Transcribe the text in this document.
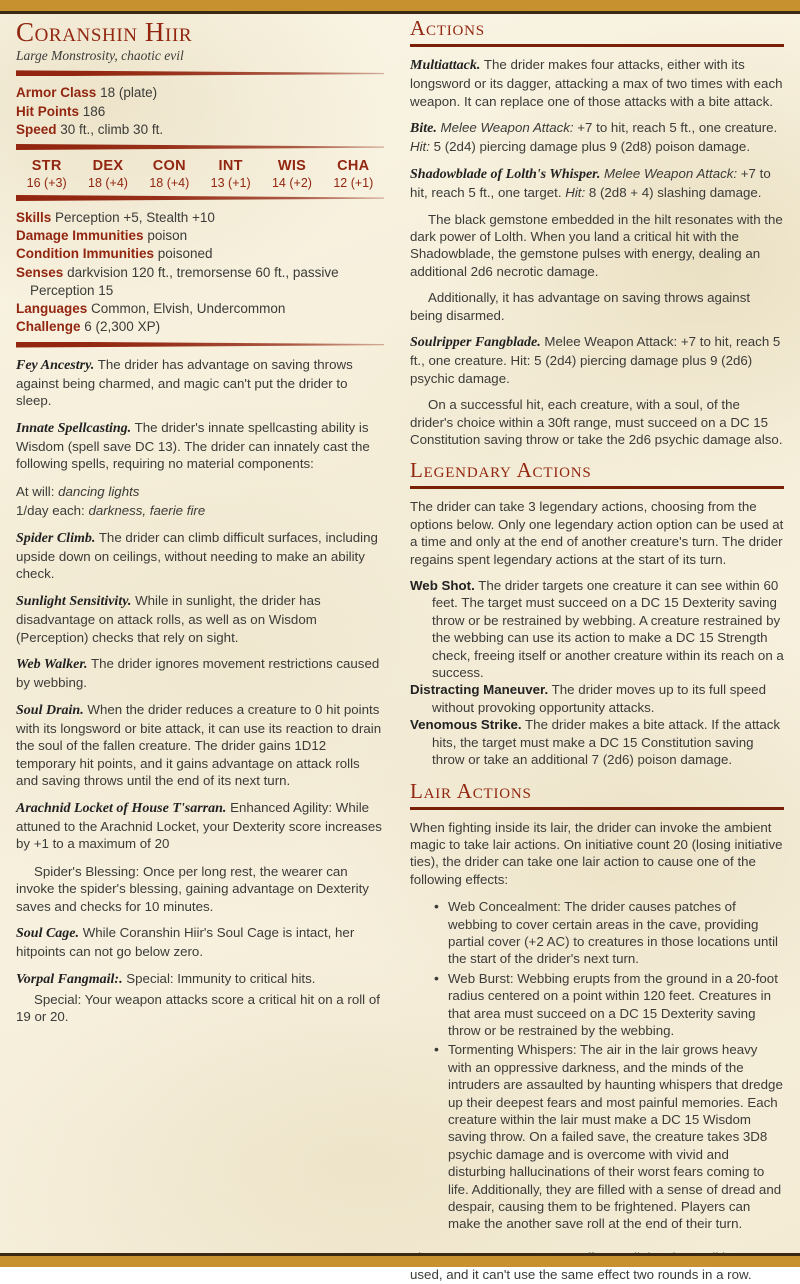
Coranshin Hiir
Large Monstrosity, chaotic evil

Armor Class 18 (plate)

Hit Points 186

Speed 30 ft., climb 30 ft.

STR
16 (+3)
DEX
18 (+4)
CON
18 (+4)
INT
13 (+1)
WIS
14 (+2)
CHA
12 (+1)

Skills Perception +5, Stealth +10

Damage Immunities poison

Condition Immunities poisoned

Senses darkvision 120 ft., tremorsense 60 ft., passive
Perception 15

Languages Common, Elvish, Undercommon

Challenge 6 (2,300 XP)

Fey Ancestry. The drider has advantage on saving throws against being charmed, and magic can't put the drider to sleep.

Innate Spellcasting. The drider's innate spellcasting ability is Wisdom (spell save DC 13). The drider can innately cast the following spells, requiring no material components:

At will: dancing lights

1/day each: darkness, faerie fire

Spider Climb. The drider can climb difficult surfaces, including upside down on ceilings, without needing to make an ability check.

Sunlight Sensitivity. While in sunlight, the drider has disadvantage on attack rolls, as well as on Wisdom (Perception) checks that rely on sight.

Web Walker. The drider ignores movement restrictions caused by webbing.

Soul Drain. When the drider reduces a creature to 0 hit points with its longsword or bite attack, it can use its reaction to drain the soul of the fallen creature. The drider gains 1D12 temporary hit points, and it gains advantage on attack rolls and saving throws until the end of its next turn.

Arachnid Locket of House T'sarran. Enhanced Agility: While attuned to the Arachnid Locket, your Dexterity score increases by +1 to a maximum of 20

Spider's Blessing: Once per long rest, the wearer can invoke the spider's blessing, gaining advantage on Dexterity saves and checks for 10 minutes.

Soul Cage. While Coranshin Hiir's Soul Cage is intact, her hitpoints can not go below zero.

Vorpal Fangmail:. Special: Immunity to critical hits.

Special: Your weapon attacks score a critical hit on a roll of 19 or 20.

Actions

Multiattack. The drider makes four attacks, either with its longsword or its dagger, attacking a max of two times with each weapon. It can replace one of those attacks with a bite attack.

Bite. Melee Weapon Attack: +7 to hit, reach 5 ft., one creature. Hit: 5 (2d4) piercing damage plus 9 (2d8) poison damage.

Shadowblade of Lolth's Whisper. Melee Weapon Attack: +7 to hit, reach 5 ft., one target. Hit: 8 (2d8 + 4) slashing damage.

The black gemstone embedded in the hilt resonates with the dark power of Lolth. When you land a critical hit with the Shadowblade, the gemstone pulses with energy, dealing an additional 2d6 necrotic damage.

Additionally, it has advantage on saving throws against being disarmed.

Soulripper Fangblade. Melee Weapon Attack: +7 to hit, reach 5 ft., one creature. Hit: 5 (2d4) piercing damage plus 9 (2d6) psychic damage.

On a successful hit, each creature, with a soul, of the drider's choice within a 30ft range, must succeed on a DC 15 Constitution saving throw or take the 2d6 psychic damage also.

Legendary Actions

The drider can take 3 legendary actions, choosing from the options below. Only one legendary action option can be used at a time and only at the end of another creature's turn. The drider regains spent legendary actions at the start of its turn.

Web Shot. The drider targets one creature it can see within 60 feet. The target must succeed on a DC 15 Dexterity saving throw or be restrained by webbing. A creature restrained by the webbing can use its action to make a DC 15 Strength check, freeing itself or another creature within its reach on a success.

Distracting Maneuver. The drider moves up to its full speed without provoking opportunity attacks.

Venomous Strike. The drider makes a bite attack. If the attack hits, the target must make a DC 15 Constitution saving throw or take an additional 7 (2d6) poison damage.

Lair Actions

When fighting inside its lair, the drider can invoke the ambient magic to take lair actions. On initiative count 20 (losing initiative ties), the drider can take one lair action to cause one of the following effects:

• Web Concealment: The drider causes patches of webbing to cover certain areas in the cave, providing partial cover (+2 AC) to creatures in those locations until the start of the drider's next turn.
• Web Burst: Webbing erupts from the ground in a 20-foot radius centered on a point within 120 feet. Creatures in that area must succeed on a DC 15 Dexterity saving throw or be restrained by the webbing.
• Tormenting Whispers: The air in the lair grows heavy with an oppressive darkness, and the minds of the intruders are assaulted by haunting whispers that dredge up their deepest fears and most painful memories. Each creature within the lair must make a DC 15 Wisdom saving throw. On a failed save, the creature takes 3D8 psychic damage and is overcome with vivid and disturbing hallucinations of their worst fears coming to life. Additionally, they are filled with a sense of dread and despair, causing them to be frightened. Players can make the another save roll at the end of their turn.

used, and it can't use the same effect two rounds in a row.
